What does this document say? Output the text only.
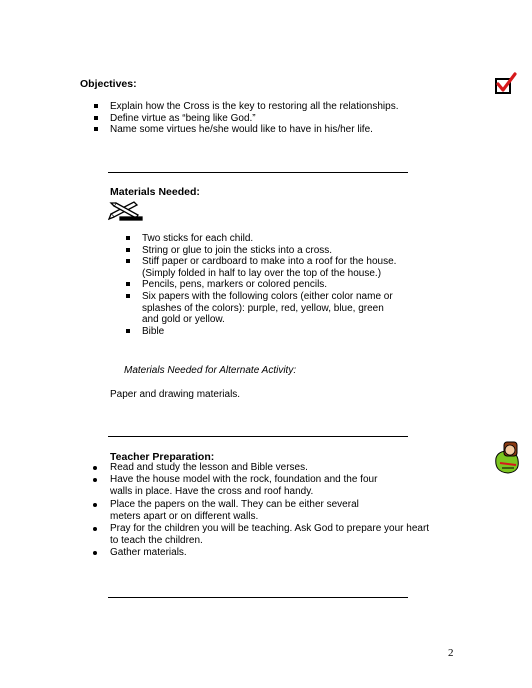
Objectives:
Explain how the Cross is the key to restoring all the relationships.
Define virtue as “being like God.”
Name some virtues he/she would like to have in his/her life.
Materials Needed:
Two sticks for each child.
String or glue to join the sticks into a cross.
Stiff paper or cardboard to make into a roof for the house.
(Simply folded in half to lay over the top of the house.)
Pencils, pens, markers or colored pencils.
Six papers with the following colors (either color name or
splashes of the colors): purple, red, yellow, blue, green
and gold or yellow.
Bible
Materials Needed for Alternate Activity:
Paper and drawing materials.
Teacher Preparation:
Read and study the lesson and Bible verses.
Have the house model with the rock, foundation and the four
walls in place. Have the cross and roof handy.
Place the papers on the wall. They can be either several
meters apart or on different walls.
Pray for the children you will be teaching. Ask God to prepare your heart
to teach the children.
Gather materials.
2
